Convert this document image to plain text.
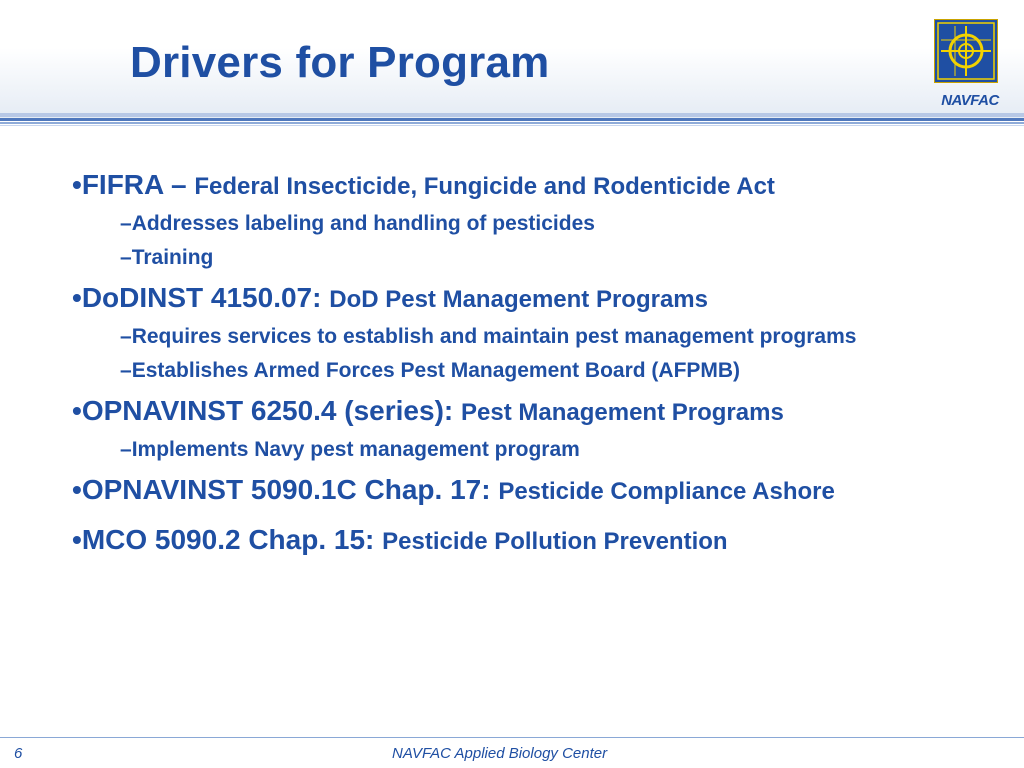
Drivers for Program
NAVFAC
•FIFRA – Federal Insecticide, Fungicide and Rodenticide Act
–Addresses labeling and handling of pesticides
–Training
•DoDINST 4150.07: DoD Pest Management Programs
–Requires services to establish and maintain pest management programs
–Establishes Armed Forces Pest Management Board (AFPMB)
•OPNAVINST 6250.4 (series): Pest Management Programs
–Implements Navy pest management program
•OPNAVINST 5090.1C Chap. 17: Pesticide Compliance Ashore
•MCO 5090.2 Chap. 15: Pesticide Pollution Prevention
6	NAVFAC Applied Biology Center
